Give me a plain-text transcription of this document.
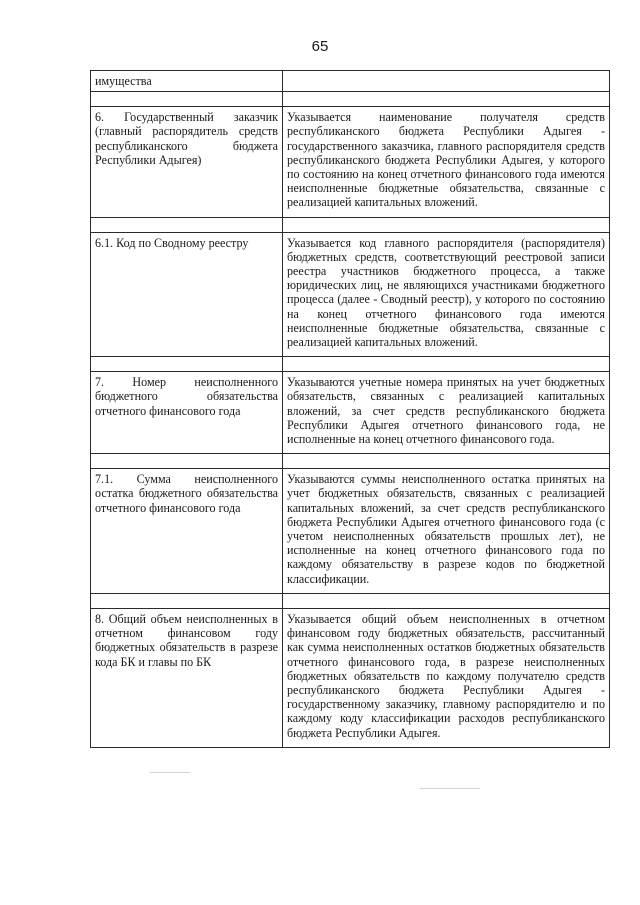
65
имущества	

6. Государственный заказчик (главный распорядитель средств республиканского бюджета Республики Адыгея)	Указывается наименование получателя средств республиканского бюджета Республики Адыгея - государственного заказчика, главного распорядителя средств республиканского бюджета Республики Адыгея, у которого по состоянию на конец отчетного финансового года имеются неисполненные бюджетные обязательства, связанные с реализацией капитальных вложений.

6.1. Код по Сводному реестру	Указывается код главного распорядителя (распорядителя) бюджетных средств, соответствующий реестровой записи реестра участников бюджетного процесса, а также юридических лиц, не являющихся участниками бюджетного процесса (далее - Сводный реестр), у которого по состоянию на конец отчетного финансового года имеются неисполненные бюджетные обязательства, связанные с реализацией капитальных вложений.

7. Номер неисполненного бюджетного обязательства отчетного финансового года	Указываются учетные номера принятых на учет бюджетных обязательств, связанных с реализацией капитальных вложений, за счет средств республиканского бюджета Республики Адыгея отчетного финансового года, не исполненные на конец отчетного финансового года.

7.1. Сумма неисполненного остатка бюджетного обязательства отчетного финансового года	Указываются суммы неисполненного остатка принятых на учет бюджетных обязательств, связанных с реализацией капитальных вложений, за счет средств республиканского бюджета Республики Адыгея отчетного финансового года (с учетом неисполненных обязательств прошлых лет), не исполненные на конец отчетного финансового года по каждому обязательству в разрезе кодов по бюджетной классификации.

8. Общий объем неисполненных в отчетном финансовом году бюджетных обязательств в разрезе кода БК и главы по БК	Указывается общий объем неисполненных в отчетном финансовом году бюджетных обязательств, рассчитанный как сумма неисполненных остатков бюджетных обязательств отчетного финансового года, в разрезе неисполненных бюджетных обязательств по каждому получателю средств республиканского бюджета Республики Адыгея - государственному заказчику, главному распорядителю и по каждому коду классификации расходов республиканского бюджета Республики Адыгея.
